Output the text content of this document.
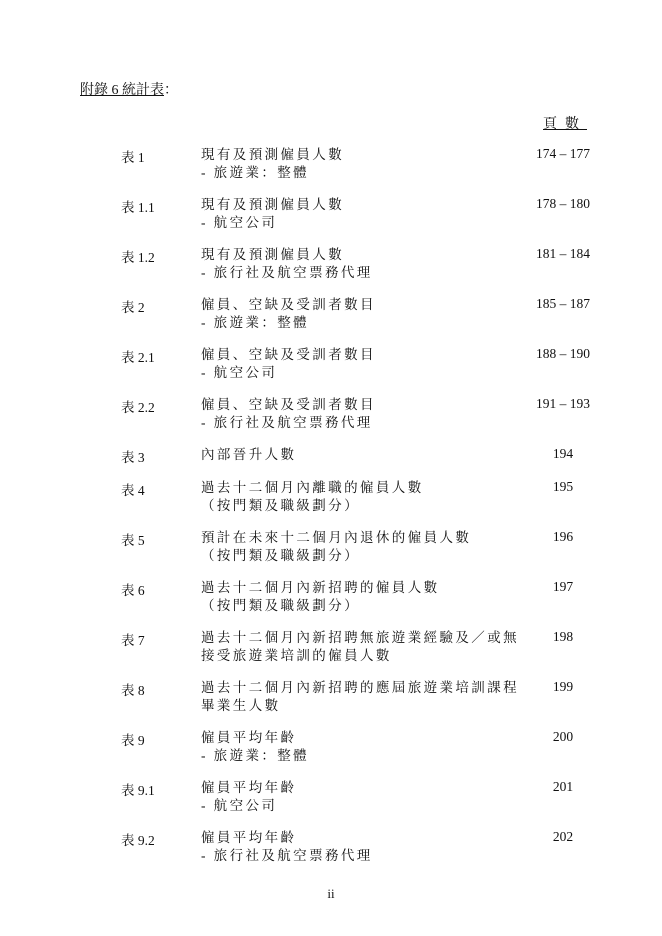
附錄 6 統計表：
頁數
表 1	現有及預測僱員人數
- 旅遊業：整體
174 – 177
表 1.1	現有及預測僱員人數
- 航空公司
178 – 180
表 1.2	現有及預測僱員人數
- 旅行社及航空票務代理
181 – 184
表 2	僱員、空缺及受訓者數目
- 旅遊業：整體
185 – 187
表 2.1	僱員、空缺及受訓者數目
- 航空公司
188 – 190
表 2.2	僱員、空缺及受訓者數目
- 旅行社及航空票務代理
191 – 193
表 3	內部晉升人數	194
表 4	過去十二個月內離職的僱員人數
（按門類及職級劃分）
195
表 5	預計在未來十二個月內退休的僱員人數
（按門類及職級劃分）
196
表 6	過去十二個月內新招聘的僱員人數
（按門類及職級劃分）
197
表 7	過去十二個月內新招聘無旅遊業經驗及／或無
接受旅遊業培訓的僱員人數
198
表 8	過去十二個月內新招聘的應屆旅遊業培訓課程
畢業生人數
199
表 9	僱員平均年齡
- 旅遊業：整體
200
表 9.1	僱員平均年齡
- 航空公司
201
表 9.2	僱員平均年齡
- 旅行社及航空票務代理
202
ii
